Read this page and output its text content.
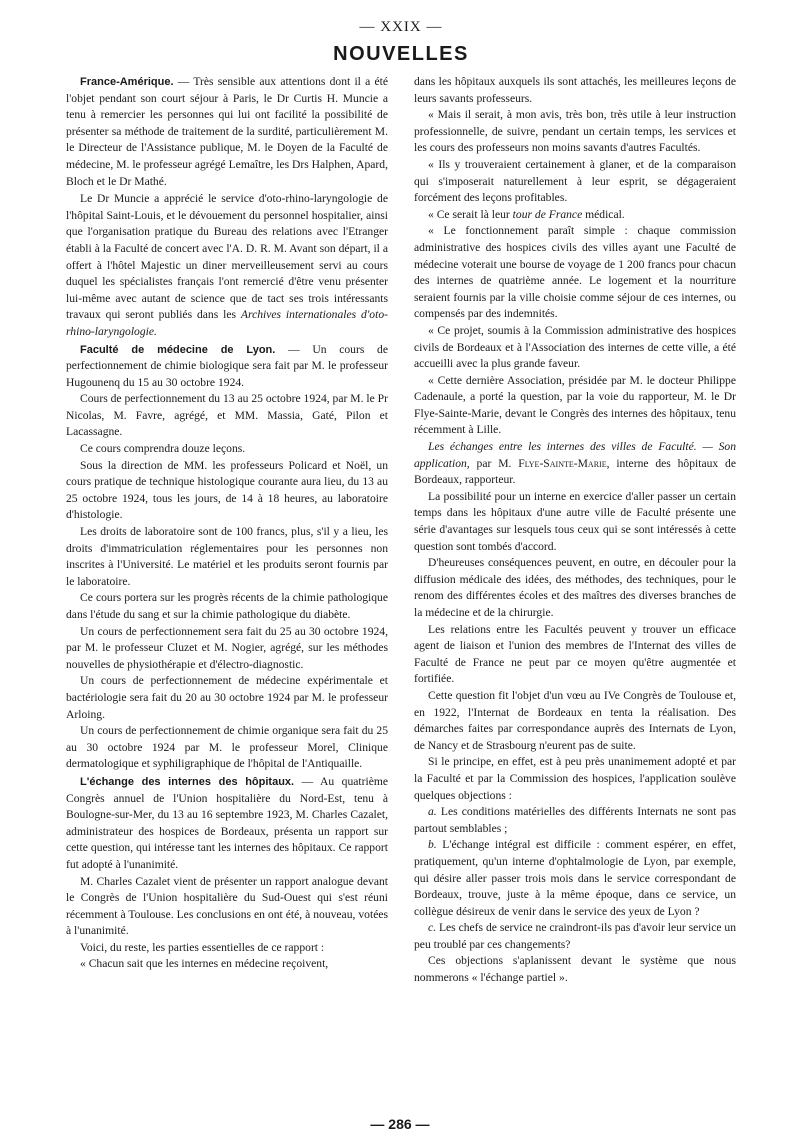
— XXIX —
NOUVELLES

France-Amérique. — Très sensible aux attentions dont il a été l'objet pendant son court séjour à Paris, le Dr Curtis H. Muncie a tenu à remercier les personnes qui lui ont facilité la possibilité de présenter sa méthode de traitement de la surdité, particulièrement M. le Directeur de l'Assistance publique, M. le Doyen de la Faculté de médecine, M. le professeur agrégé Lemaître, les Drs Halphen, Apard, Bloch et le Dr Mathé.

Le Dr Muncie a apprécié le service d'oto-rhino-laryngologie de l'hôpital Saint-Louis, et le dévouement du personnel hospitalier, ainsi que l'organisation pratique du Bureau des relations avec l'Etranger établi à la Faculté de concert avec l'A. D. R. M. Avant son départ, il a offert à l'hôtel Majestic un diner merveilleusement servi au cours duquel les spécialistes français l'ont remercié d'être venu présenter lui-même avec autant de science que de tact ses trois intéressants travaux qui seront publiés dans les Archives internationales d'oto-rhino-laryngologie.

Faculté de médecine de Lyon. — Un cours de perfectionnement de chimie biologique sera fait par M. le professeur Hugounenq du 15 au 30 octobre 1924.

Cours de perfectionnement du 13 au 25 octobre 1924, par M. le Pr Nicolas, M. Favre, agrégé, et MM. Massia, Gaté, Pilon et Lacassagne.

Ce cours comprendra douze leçons.

Sous la direction de MM. les professeurs Policard et Noël, un cours pratique de technique histologique courante aura lieu, du 13 au 25 octobre 1924, tous les jours, de 14 à 18 heures, au laboratoire d'histologie.

Les droits de laboratoire sont de 100 francs, plus, s'il y a lieu, les droits d'immatriculation réglementaires pour les personnes non inscrites à l'Université. Le matériel et les produits seront fournis par le laboratoire.

Ce cours portera sur les progrès récents de la chimie pathologique dans l'étude du sang et sur la chimie pathologique du diabète.

Un cours de perfectionnement sera fait du 25 au 30 octobre 1924, par M. le professeur Cluzet et M. Nogier, agrégé, sur les méthodes nouvelles de physiothérapie et d'électro-diagnostic.

Un cours de perfectionnement de médecine expérimentale et bactériologie sera fait du 20 au 30 octobre 1924 par M. le professeur Arloing.

Un cours de perfectionnement de chimie organique sera fait du 25 au 30 octobre 1924 par M. le professeur Morel, Clinique dermatologique et syphiligraphique de l'hôpital de l'Antiquaille.

L'échange des internes des hôpitaux. — Au quatrième Congrès annuel de l'Union hospitalière du Nord-Est, tenu à Boulogne-sur-Mer, du 13 au 16 septembre 1923, M. Charles Cazalet, administrateur des hospices de Bordeaux, présenta un rapport sur cette question, qui intéresse tant les internes des hôpitaux. Ce rapport fut adopté à l'unanimité.

M. Charles Cazalet vient de présenter un rapport analogue devant le Congrès de l'Union hospitalière du Sud-Ouest qui s'est réuni récemment à Toulouse. Les conclusions en ont été, à nouveau, votées à l'unanimité.

Voici, du reste, les parties essentielles de ce rapport :

« Chacun sait que les internes en médecine reçoivent,

dans les hôpitaux auxquels ils sont attachés, les meilleures leçons de leurs savants professeurs.

« Mais il serait, à mon avis, très bon, très utile à leur instruction professionnelle, de suivre, pendant un certain temps, les services et les cours des professeurs non moins savants d'autres Facultés.

« Ils y trouveraient certainement à glaner, et de la comparaison qui s'imposerait naturellement à leur esprit, se dégageraient forcément des leçons profitables.

« Ce serait là leur tour de France médical.

« Le fonctionnement paraît simple : chaque commission administrative des hospices civils des villes ayant une Faculté de médecine voterait une bourse de voyage de 1 200 francs pour chacun des internes de quatrième année. Le logement et la nourriture seraient fournis par la ville choisie comme séjour de ces internes, ou compensés par des indemnités.

« Ce projet, soumis à la Commission administrative des hospices civils de Bordeaux et à l'Association des internes de cette ville, a été accueilli avec la plus grande faveur.

« Cette dernière Association, présidée par M. le docteur Philippe Cadenaule, a porté la question, par la voie du rapporteur, M. le Dr Flye-Sainte-Marie, devant le Congrès des internes des hôpitaux, tenu récemment à Lille.

Les échanges entre les internes des villes de Faculté. — Son application, par M. Flye-Sainte-Marie, interne des hôpitaux de Bordeaux, rapporteur.

La possibilité pour un interne en exercice d'aller passer un certain temps dans les hôpitaux d'une autre ville de Faculté présente une série d'avantages sur lesquels tous ceux qui se sont intéressés à cette question sont tombés d'accord.

D'heureuses conséquences peuvent, en outre, en découler pour la diffusion médicale des idées, des méthodes, des techniques, pour le renom des différentes écoles et des maîtres des diverses branches de la médecine et de la chirurgie.

Les relations entre les Facultés peuvent y trouver un efficace agent de liaison et l'union des membres de l'Internat des villes de Faculté de France ne peut par ce moyen qu'être augmentée et fortifiée.

Cette question fit l'objet d'un vœu au IVe Congrès de Toulouse et, en 1922, l'Internat de Bordeaux en tenta la réalisation. Des démarches faites par correspondance auprès des Internats de Lyon, de Nancy et de Strasbourg n'eurent pas de suite.

Si le principe, en effet, est à peu près unanimement adopté et par la Faculté et par la Commission des hospices, l'application soulève quelques objections :

a. Les conditions matérielles des différents Internats ne sont pas partout semblables ;

b. L'échange intégral est difficile : comment espérer, en effet, pratiquement, qu'un interne d'ophtalmologie de Lyon, par exemple, qui désire aller passer trois mois dans le service correspondant de Bordeaux, trouve, juste à la même époque, dans ce service, un collègue désireux de venir dans le service des yeux de Lyon ?

c. Les chefs de service ne craindront-ils pas d'avoir leur service un peu troublé par ces changements?

Ces objections s'aplanissent devant le système que nous nommerons « l'échange partiel ».

— 286 —
